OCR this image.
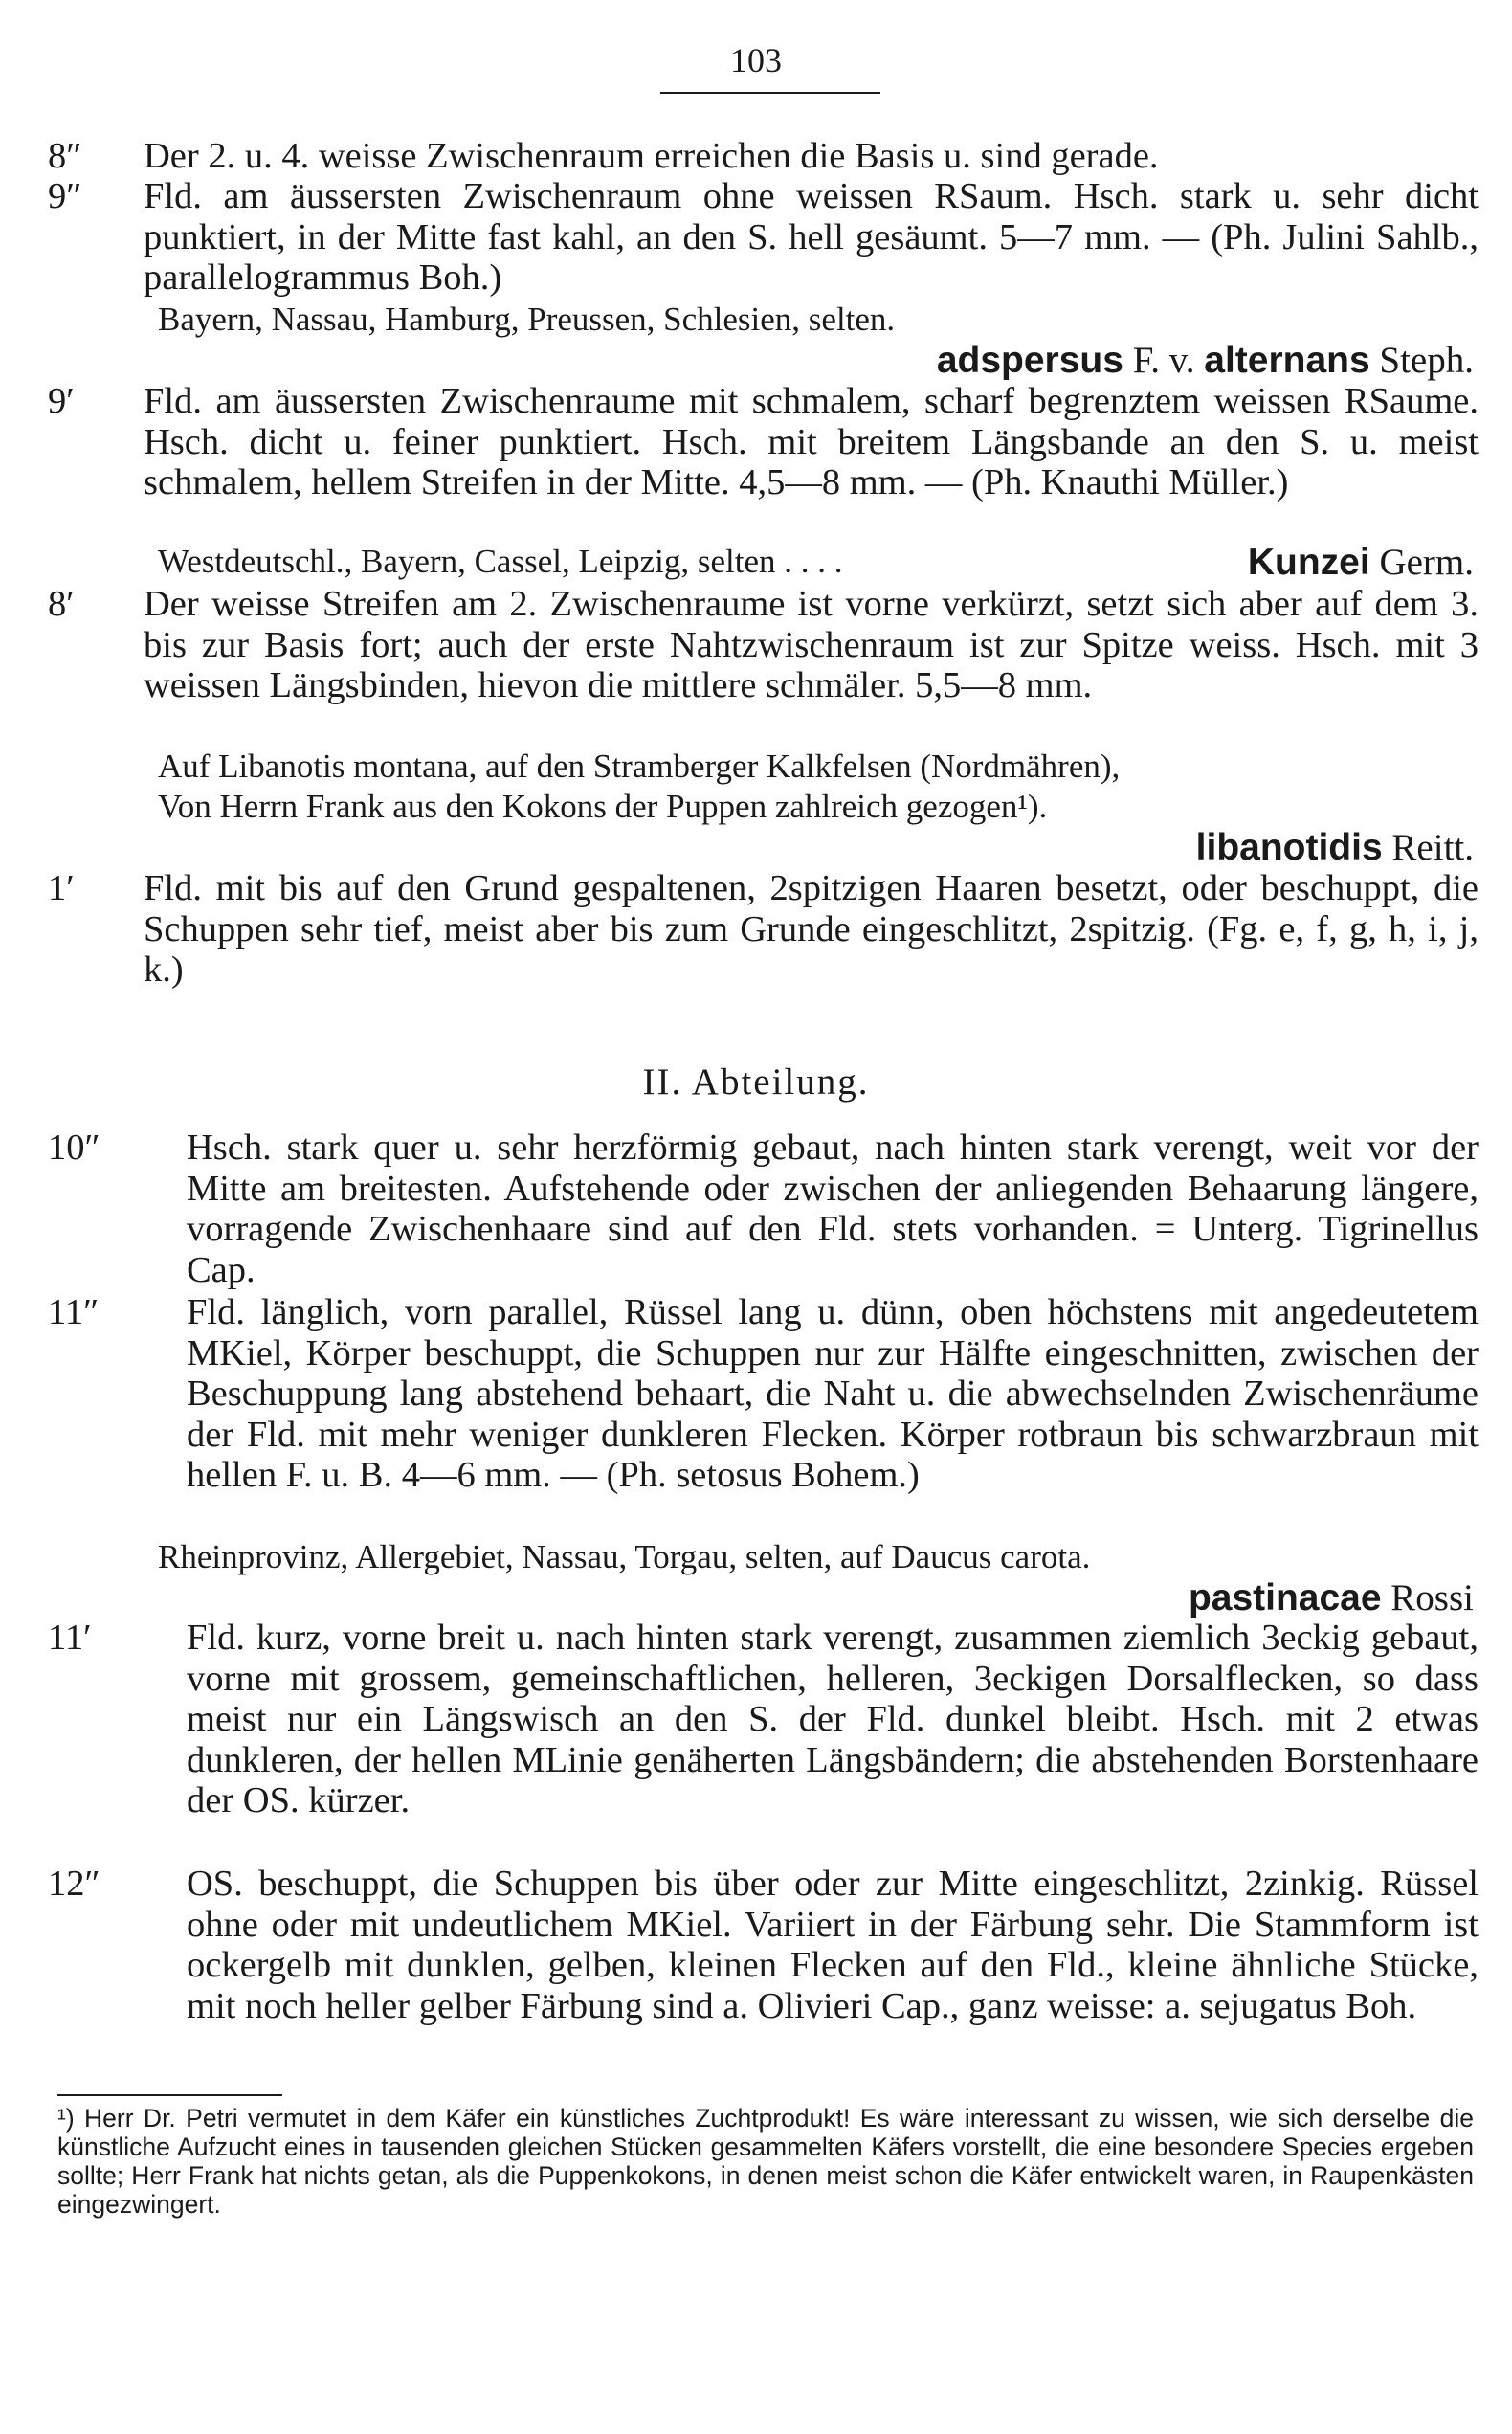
103
8″	Der 2. u. 4. weisse Zwischenraum erreichen die Basis u. sind gerade.
9″	Fld. am äussersten Zwischenraum ohne weissen RSaum. Hsch. stark u. sehr dicht punktiert, in der Mitte fast kahl, an den S. hell gesäumt. 5—7 mm. — (Ph. Julini Sahlb., parallelogrammus Boh.)
Bayern, Nassau, Hamburg, Preussen, Schlesien, selten.
adspersus F. v. alternans Steph.
9′	Fld. am äussersten Zwischenraume mit schmalem, scharf begrenztem weissen RSaume. Hsch. dicht u. feiner punktiert. Hsch. mit breitem Längsbande an den S. u. meist schmalem, hellem Streifen in der Mitte. 4,5—8 mm. — (Ph. Knauthi Müller.)
Westdeutschl., Bayern, Cassel, Leipzig, selten . . . .	Kunzei Germ.
8′	Der weisse Streifen am 2. Zwischenraume ist vorne verkürzt, setzt sich aber auf dem 3. bis zur Basis fort; auch der erste Nahtzwischenraum ist zur Spitze weiss. Hsch. mit 3 weissen Längsbinden, hievon die mittlere schmäler. 5,5—8 mm.
Auf Libanotis montana, auf den Stramberger Kalkfelsen (Nordmähren),
Von Herrn Frank aus den Kokons der Puppen zahlreich gezogen¹).
libanotidis Reitt.
1′	Fld. mit bis auf den Grund gespaltenen, 2spitzigen Haaren besetzt, oder beschuppt, die Schuppen sehr tief, meist aber bis zum Grunde eingeschlitzt, 2spitzig. (Fg. e, f, g, h, i, j, k.)
II. Abteilung.
10″	Hsch. stark quer u. sehr herzförmig gebaut, nach hinten stark verengt, weit vor der Mitte am breitesten. Aufstehende oder zwischen der anliegenden Behaarung längere, vorragende Zwischenhaare sind auf den Fld. stets vorhanden. = Unterg. Tigrinellus Cap.
11″	Fld. länglich, vorn parallel, Rüssel lang u. dünn, oben höchstens mit angedeutetem MKiel, Körper beschuppt, die Schuppen nur zur Hälfte eingeschnitten, zwischen der Beschuppung lang abstehend behaart, die Naht u. die abwechselnden Zwischenräume der Fld. mit mehr weniger dunkleren Flecken. Körper rotbraun bis schwarzbraun mit hellen F. u. B. 4—6 mm. — (Ph. setosus Bohem.)
Rheinprovinz, Allergebiet, Nassau, Torgau, selten, auf Daucus carota.
pastinacae Rossi
11′	Fld. kurz, vorne breit u. nach hinten stark verengt, zusammen ziemlich 3eckig gebaut, vorne mit grossem, gemeinschaftlichen, helleren, 3eckigen Dorsalflecken, so dass meist nur ein Längswisch an den S. der Fld. dunkel bleibt. Hsch. mit 2 etwas dunkleren, der hellen MLinie genäherten Längsbändern; die abstehenden Borstenhaare der OS. kürzer.
12″	OS. beschuppt, die Schuppen bis über oder zur Mitte eingeschlitzt, 2zinkig. Rüssel ohne oder mit undeutlichem MKiel. Variiert in der Färbung sehr. Die Stammform ist ockergelb mit dunklen, gelben, kleinen Flecken auf den Fld., kleine ähnliche Stücke, mit noch heller gelber Färbung sind a. Olivieri Cap., ganz weisse: a. sejugatus Boh.
¹) Herr Dr. Petri vermutet in dem Käfer ein künstliches Zuchtprodukt! Es wäre interessant zu wissen, wie sich derselbe die künstliche Aufzucht eines in tausenden gleichen Stücken gesammelten Käfers vorstellt, die eine besondere Species ergeben sollte; Herr Frank hat nichts getan, als die Puppenkokons, in denen meist schon die Käfer entwickelt waren, in Raupenkästen eingezwingert.
